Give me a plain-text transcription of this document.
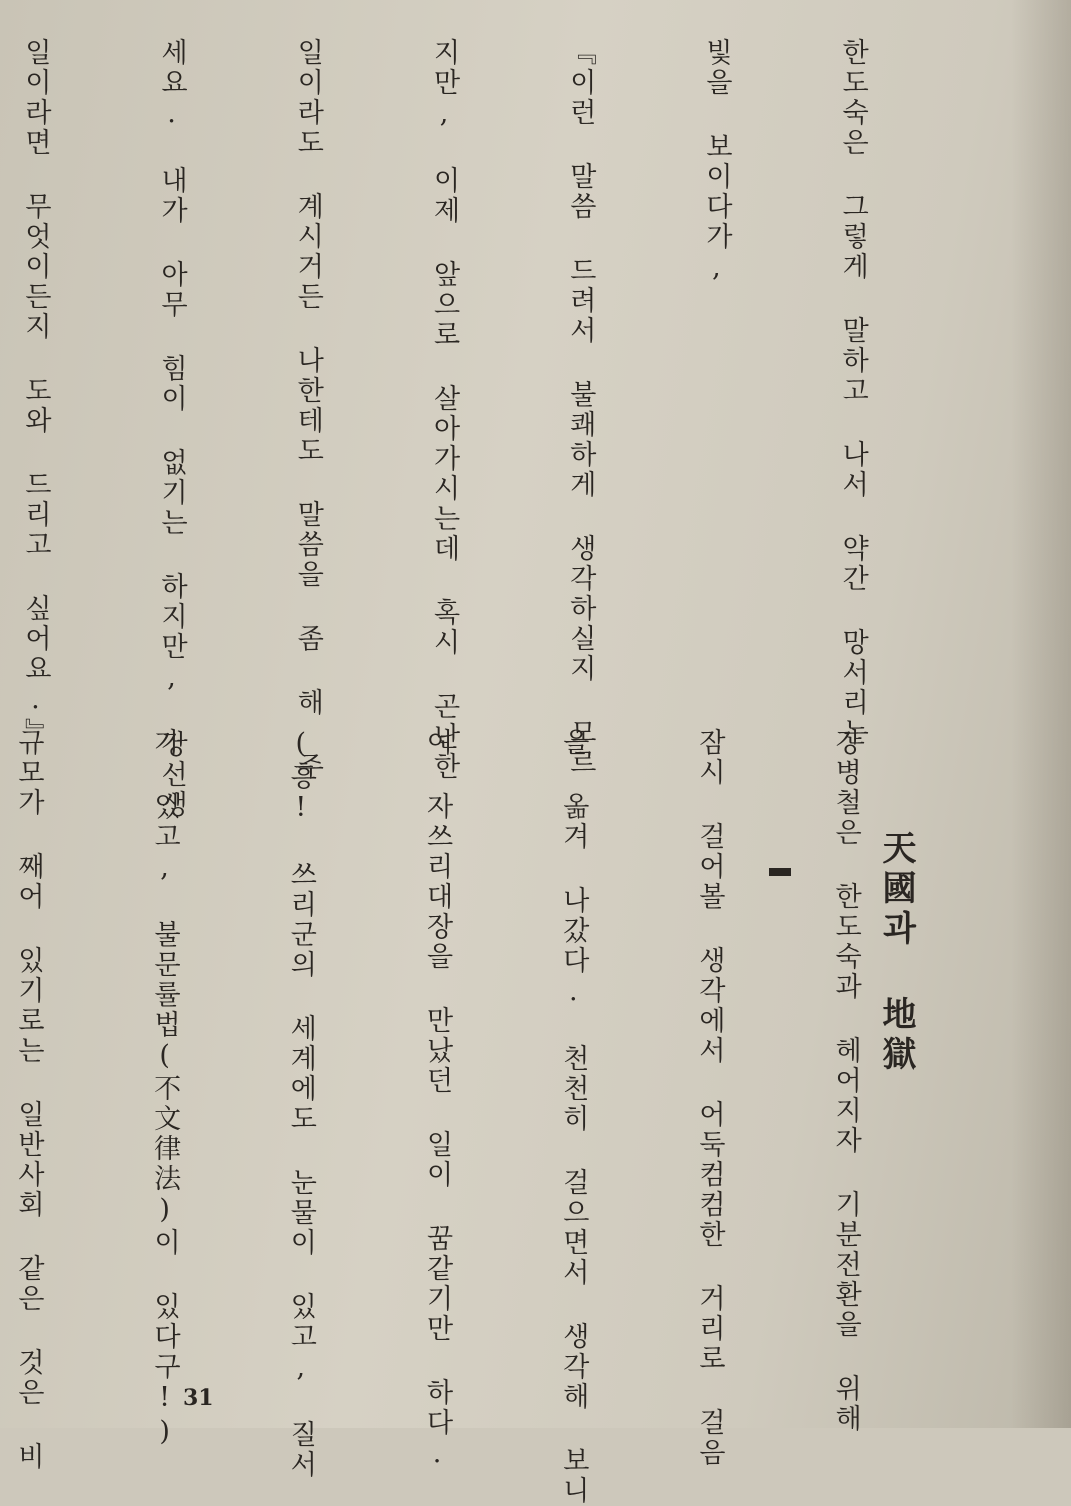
한도숙은 그렇게 말하고 나서 약간 망서리는

빛을 보이다가,

『이런 말씀 드려서 불쾌하게 생각하실지 모르

지만, 이제 앞으로 살아가시는데 혹시 곤난한

일이라도 계시거든 나한테도 말씀을 좀 해 주

세요. 내가 아무 힘이 없기는 하지만, 강선생

일이라면 무엇이든지 도와 드리고 싶어요.』

天國과 地獄

강병철은 한도숙과 헤어지자 기분전환을 위해

잠시 걸어볼 생각에서 어둑컴컴한 거리로 걸음

을 옮겨 나갔다. 천천히 걸으면서 생각해 보니

여 자쓰리대장을 만났던 일이 꿈같기만 하다.

(흥! 쓰리군의 세계에도 눈물이 있고, 질서

가 있고, 불문률법(不文律法)이 있다구!)

규모가 째어 있기로는 일반사회 같은 것은 비

	31
